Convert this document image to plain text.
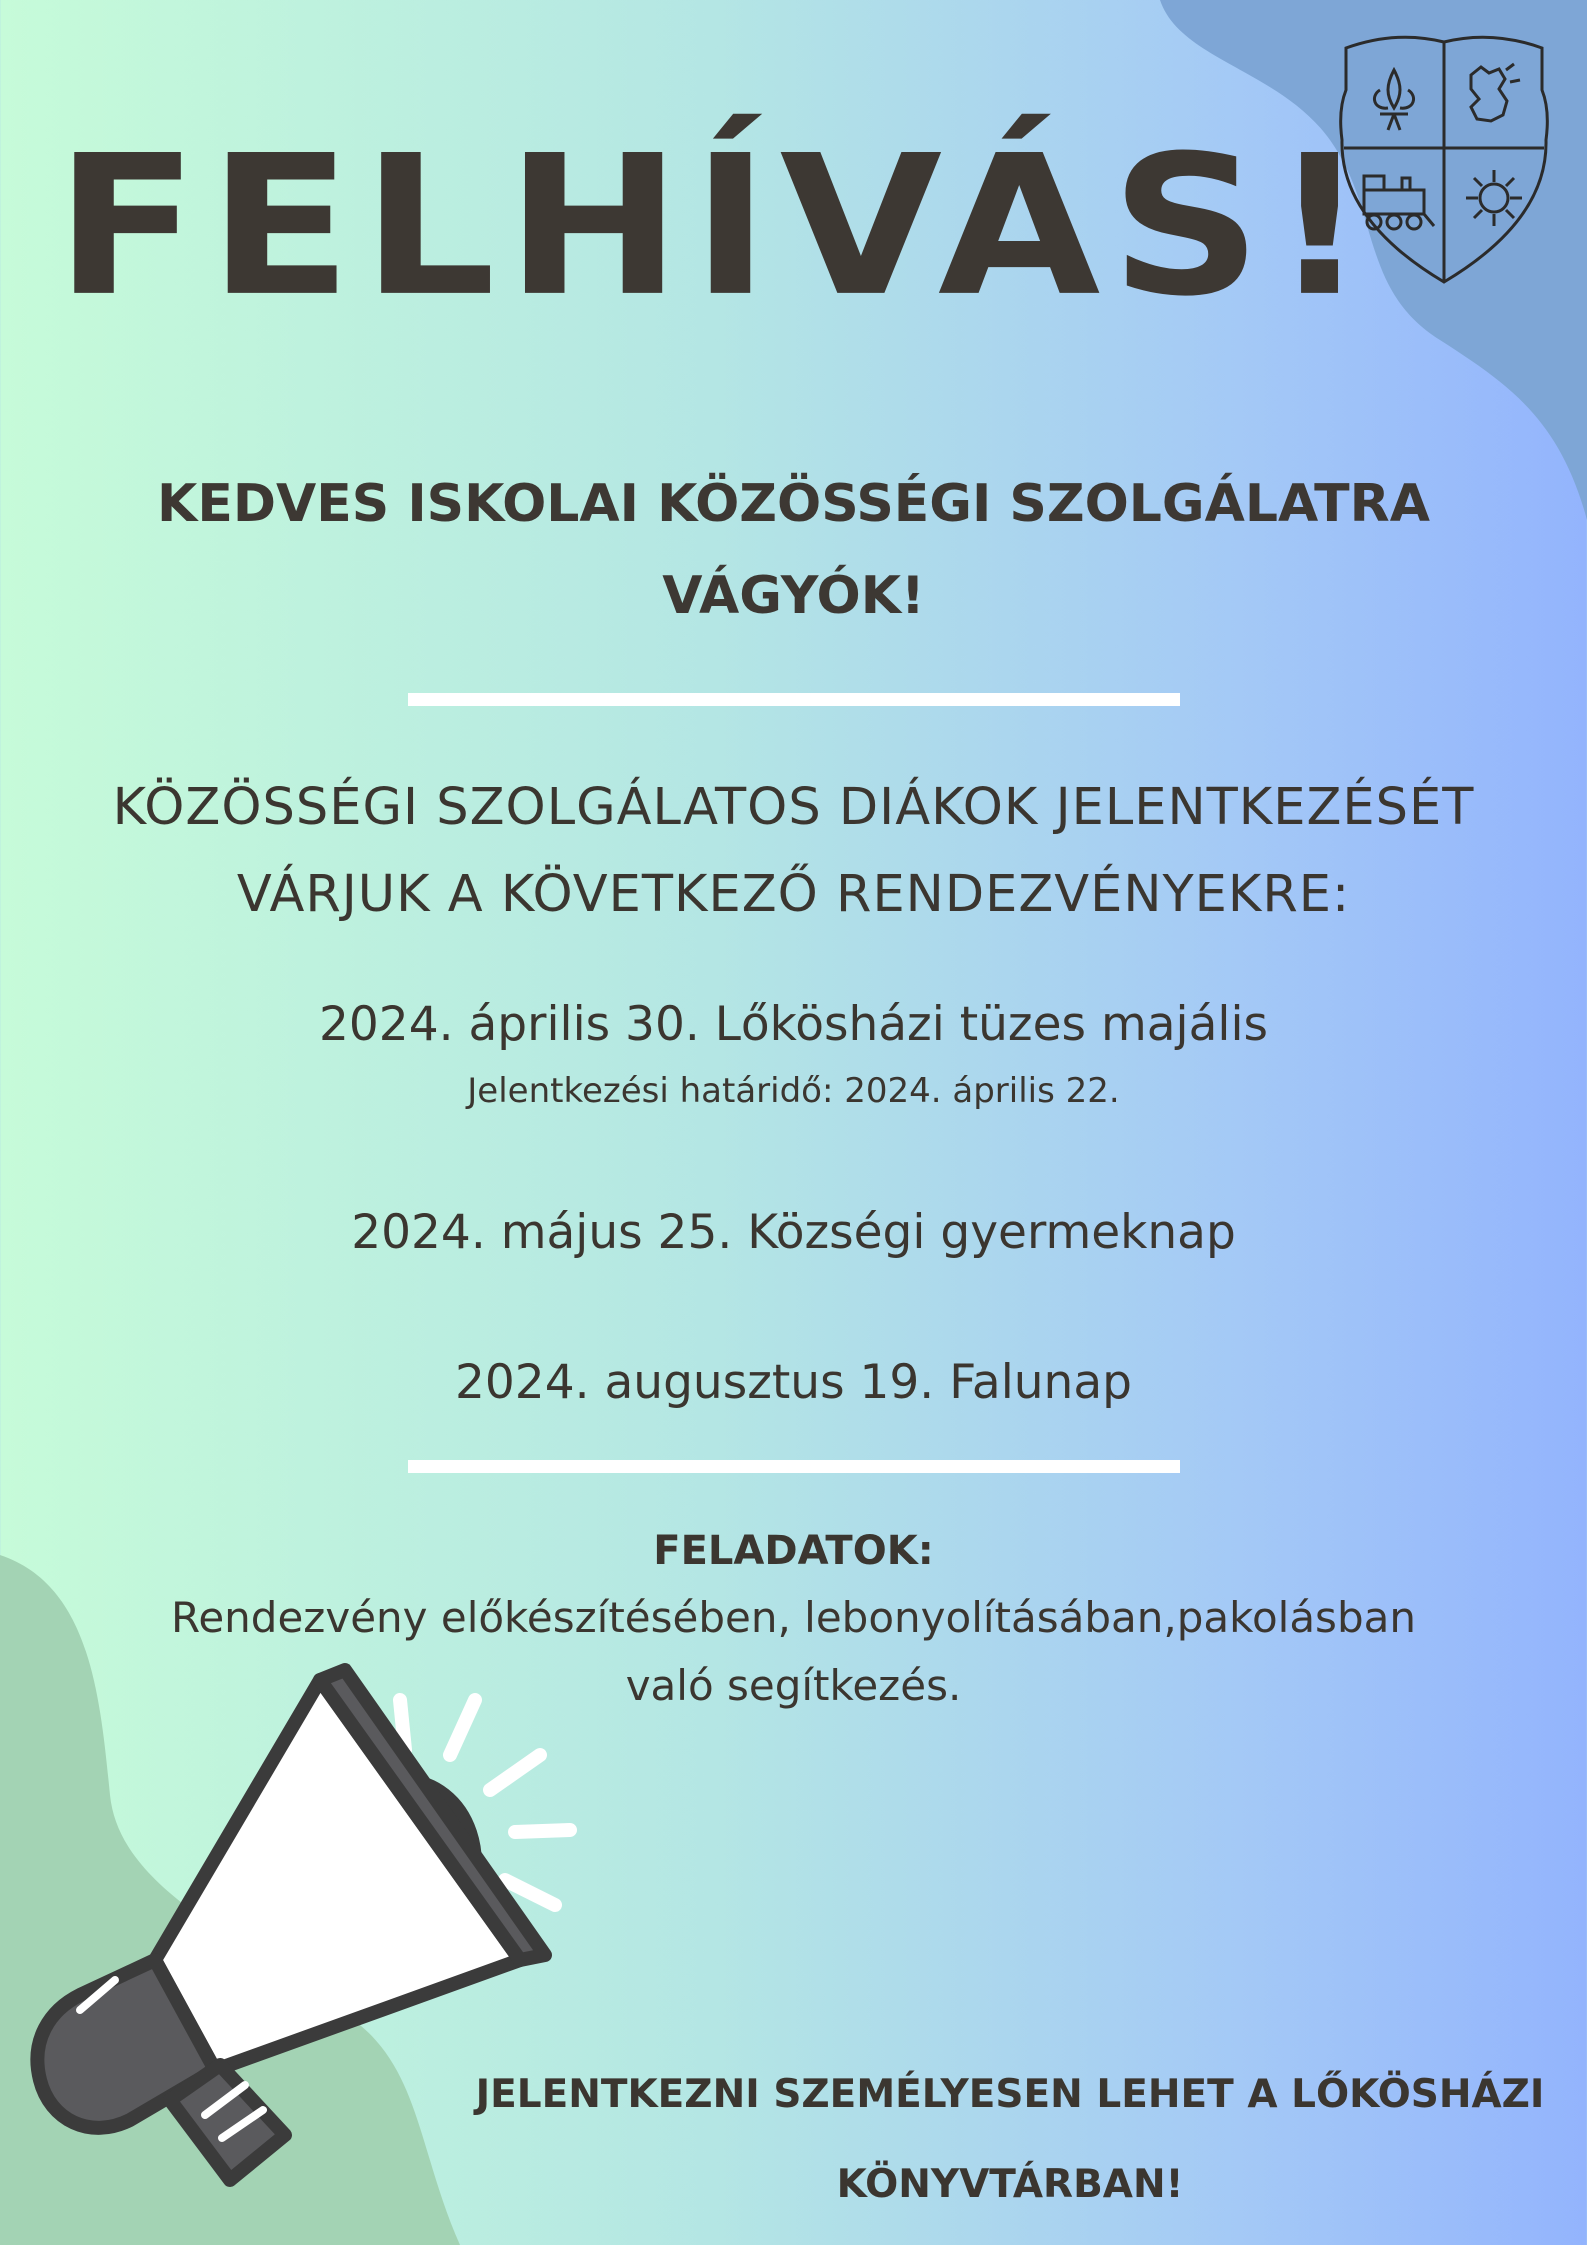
FELHÍVÁS!
KEDVES ISKOLAI KÖZÖSSÉGI SZOLGÁLATRA
VÁGYÓK!
KÖZÖSSÉGI SZOLGÁLATOS DIÁKOK JELENTKEZÉSÉT
VÁRJUK A KÖVETKEZŐ RENDEZVÉNYEKRE:
2024. április 30. Lőkösházi tüzes majális
Jelentkezési határidő: 2024. április 22.
2024. május 25. Községi gyermeknap
2024. augusztus 19. Falunap
FELADATOK:
Rendezvény előkészítésében, lebonyolításában,pakolásban
való segítkezés.
JELENTKEZNI SZEMÉLYESEN LEHET A LŐKÖSHÁZI
KÖNYVTÁRBAN!
